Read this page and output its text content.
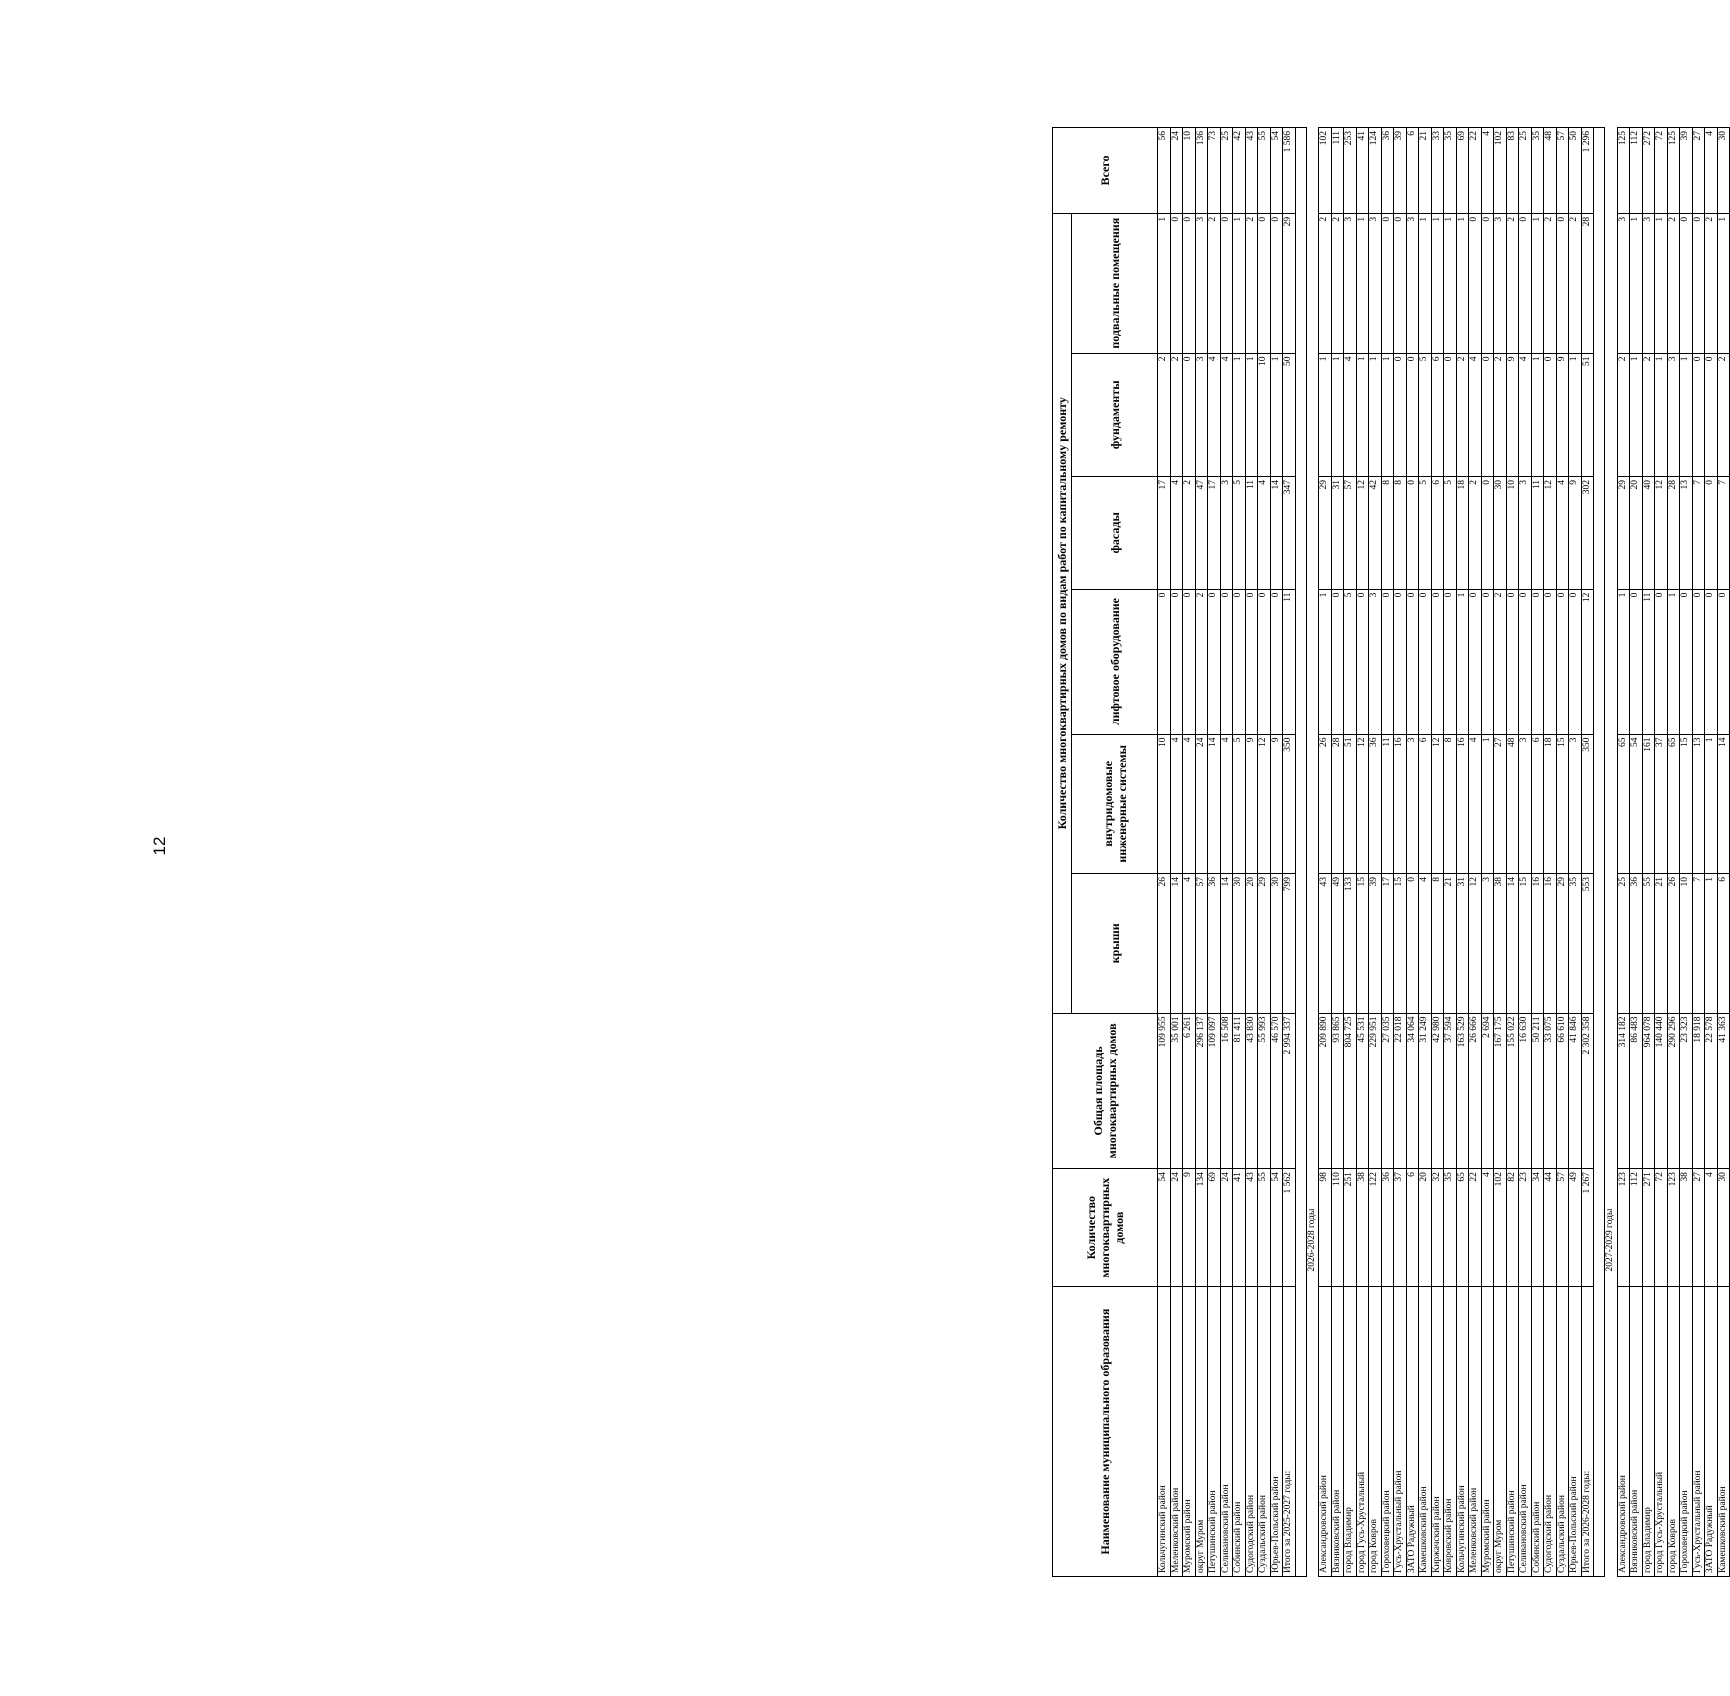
12
Наименование муниципального образования	Количество многоквартирных домов	Общая площадь многоквартирных домов	Количество многоквартирных домов по видам работ по капитальному ремонту						Всего
			крыши	внутридомовые инженерные системы	лифтовое оборудование	фасады	фундаменты	подвальные помещения	
Кольчугинский район	54	109 955	26	10	0	17	2	1	56
Меленковский район	24	35 001	14	4	0	4	2	0	24
Муромский район	9	6 261	4	4	0	2	0	0	10
округ Муром	134	296 137	57	24	2	47	3	3	136
Петушинский район	69	109 097	36	14	0	17	4	2	73
Селивановский район	24	16 508	14	4	0	3	4	0	25
Собинский район	41	81 411	30	5	0	5	1	1	42
Судогодский район	43	43 830	20	9	0	11	1	2	43
Суздальский район	55	55 993	29	12	0	4	10	0	55
Юрьев-Польский район	54	46 570	30	9	0	14	1	0	54
Итого за 2025-2027 годы:	1 562	2 994 337	799	350	11	347	50	29	1 586

2026-2028 годы									
Александровский район	98	209 890	43	26	1	29	1	2	102
Вязниковский район	110	93 865	49	28	0	31	1	2	111
город Владимир	251	804 725	133	51	5	57	4	3	253
город Гусь-Хрустальный	38	45 531	15	12	0	12	1	1	41
город Ковров	122	229 951	39	36	3	42	1	3	124
Гороховецкий район	36	27 035	17	11	0	8	1	0	36
Гусь-Хрустальный район	37	22 018	15	16	0	8	0	0	39
ЗАТО Радужный	6	34 064	0	3	0	0	0	3	6
Камешковский район	20	31 249	4	6	0	5	5	1	21
Киржачский район	32	42 980	8	12	0	6	6	1	33
Ковровский район	35	37 594	21	8	0	5	0	1	35
Кольчугинский район	65	163 529	31	16	1	18	2	1	69
Меленковский район	22	26 666	12	4	0	2	4	0	22
Муромский район	4	2 694	3	1	0	0	0	0	4
округ Муром	102	167 175	38	27	2	30	2	3	102
Петушинский район	82	155 022	14	48	0	10	9	2	83
Селивановский район	23	16 630	15	3	0	3	4	0	25
Собинский район	34	50 211	16	6	0	11	1	1	35
Судогодский район	44	33 075	16	18	0	12	0	2	48
Суздальский район	57	66 610	29	15	0	4	9	0	57
Юрьев-Польский район	49	41 846	35	3	0	9	1	2	50
Итого за 2026-2028 годы:	1 267	2 302 358	553	350	12	302	51	28	1 296

2027-2029 годы									
Александровский район	123	314 182	25	65	1	29	2	3	125
Вязниковский район	112	86 483	36	54	0	20	1	1	112
город Владимир	271	964 078	55	161	11	40	2	3	272
город Гусь-Хрустальный	72	140 440	21	37	0	12	1	1	72
город Ковров	123	290 296	26	65	1	28	3	2	125
Гороховецкий район	38	23 323	10	15	0	13	1	0	39
Гусь-Хрустальный район	27	18 918	7	13	0	7	0	0	27
ЗАТО Радужный	4	22 578	1	1	0	0	0	2	4
Камешковский район	30	41 363	6	14	0	7	2	1	30
